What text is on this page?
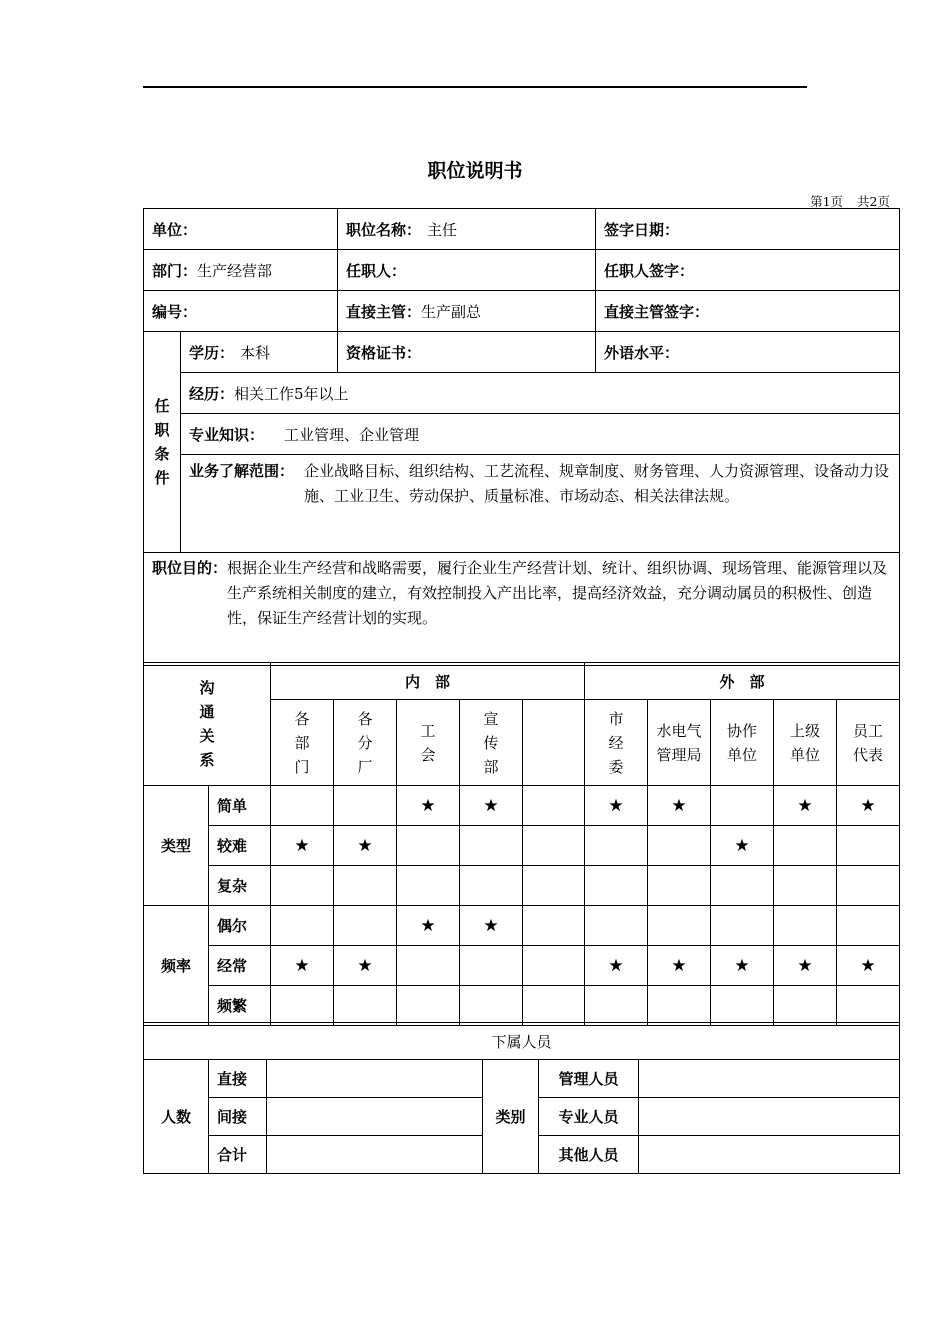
职位说明书
第1页 共2页
单位：		职位名称： 主任	签字日期：
部门：生产经营部		任职人：	任职人签字：
编号：		直接主管：生产副总	直接主管签字：

任职条件	学历： 本科	资格证书：	外语水平：
	经历：相关工作5年以上		
	专业知识： 工业管理、企业管理		

	业务了解范围： 企业战略目标、组织结构、工艺流程、规章制度、财务管理、人力资源管理、设备动力设施、工业卫生、劳动保护、质量标准、市场动态、相关法律法规。		

职位目的： 根据企业生产经营和战略需要，履行企业生产经营计划、统计、组织协调、现场管理、能源管理以及生产系统相关制度的建立，有效控制投入产出比率，提高经济效益，充分调动属员的积极性、创造性，保证生产经营计划的实现。			
沟通关系		内　部					外　部				

		各部门	各分厂	工会	宣传部		市经委	水电气管理局	协作单位	上级单位	员工代表

类型	简单			★	★		★	★		★	★
	较难	★	★						★		
	复杂										
频率	偶尔			★	★						
	经常	★	★				★	★	★	★	★
	频繁										
下属人员					
人数	直接		类别	管理人员	
	间接			专业人员	
	合计			其他人员	
